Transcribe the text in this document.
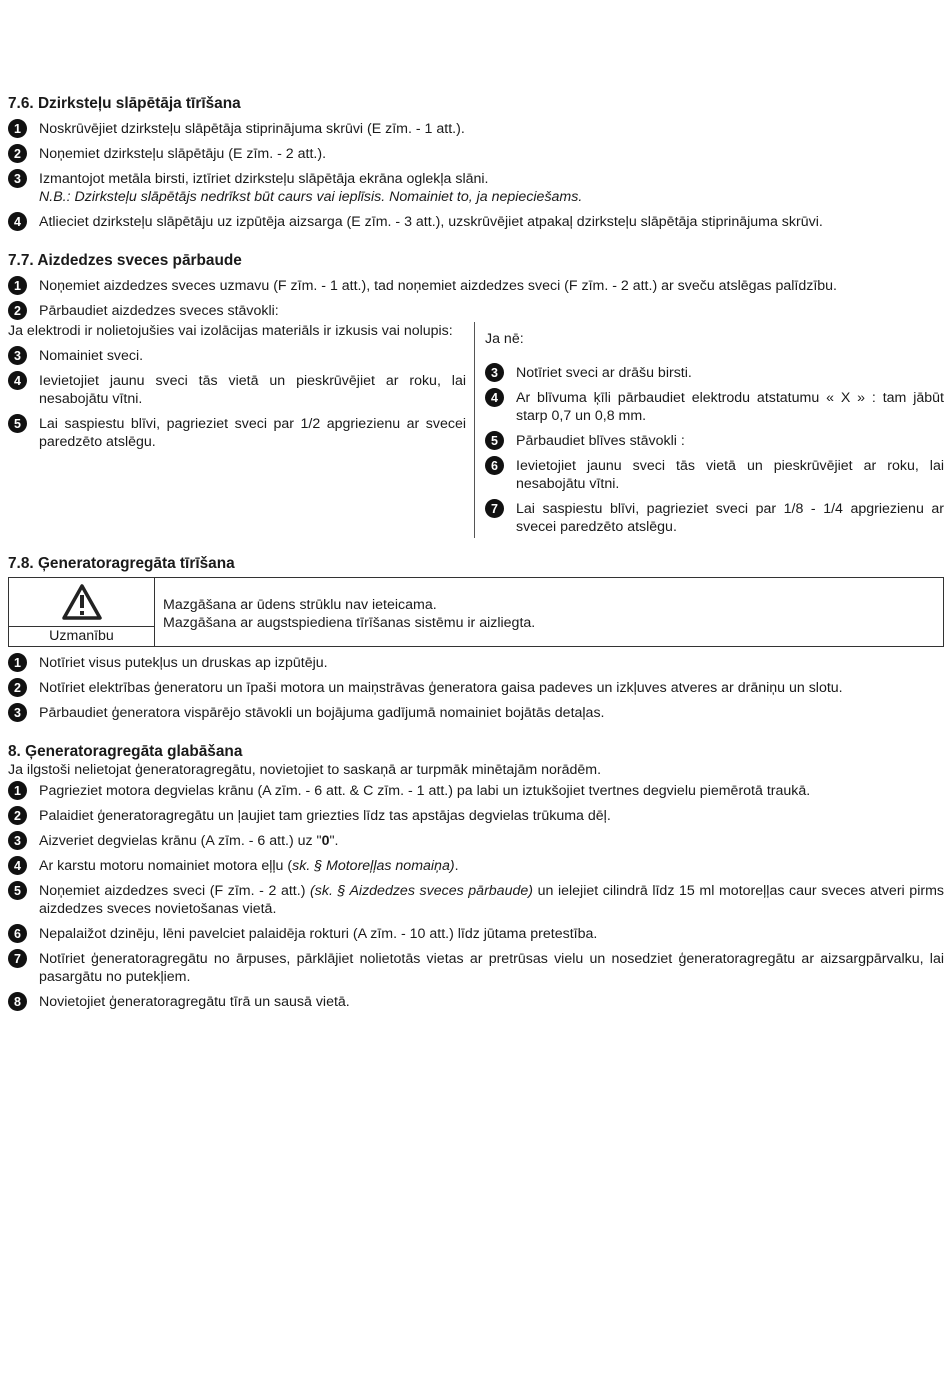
7.6. Dzirksteļu slāpētāja tīrīšana
1	Noskrūvējiet dzirksteļu slāpētāja stiprinājuma skrūvi (E zīm. - 1 att.).
2	Noņemiet dzirksteļu slāpētāju (E zīm. - 2 att.).
3	Izmantojot metāla birsti, iztīriet dzirksteļu slāpētāja ekrāna oglekļa slāni.
N.B.: Dzirksteļu slāpētājs nedrīkst būt caurs vai ieplīsis. Nomainiet to, ja nepieciešams.
4	Atlieciet dzirksteļu slāpētāju uz izpūtēja aizsarga (E zīm. - 3 att.), uzskrūvējiet atpakaļ dzirksteļu slāpētāja stiprinājuma skrūvi.
7.7. Aizdedzes sveces pārbaude
1	Noņemiet aizdedzes sveces uzmavu (F zīm. - 1 att.), tad noņemiet aizdedzes sveci (F zīm. - 2 att.) ar sveču atslēgas palīdzību.
2	Pārbaudiet aizdedzes sveces stāvokli:
Ja elektrodi ir nolietojušies vai izolācijas materiāls ir izkusis vai nolupis:
3	Nomainiet sveci.
4	Ievietojiet jaunu sveci tās vietā un pieskrūvējiet ar roku, lai nesabojātu vītni.
5	Lai saspiestu blīvi, pagrieziet sveci par 1/2 apgriezienu ar svecei paredzēto atslēgu.
Ja nē:
3	Notīriet sveci ar drāšu birsti.
4	Ar blīvuma ķīli pārbaudiet elektrodu atstatumu « X » : tam jābūt starp 0,7 un 0,8 mm.
5	Pārbaudiet blīves stāvokli :
6	Ievietojiet jaunu sveci tās vietā un pieskrūvējiet ar roku, lai nesabojātu vītni.
7	Lai saspiestu blīvi, pagrieziet sveci par 1/8 - 1/4 apgriezienu ar svecei paredzēto atslēgu.
7.8. Ģeneratoragregāta tīrīšana
Uzmanību
Mazgāšana ar ūdens strūklu nav ieteicama.
Mazgāšana ar augstspiediena tīrīšanas sistēmu ir aizliegta.
1	Notīriet visus putekļus un druskas ap izpūtēju.
2	Notīriet elektrības ģeneratoru un īpaši motora un maiņstrāvas ģeneratora gaisa padeves un izkļuves atveres ar drāniņu un slotu.
3	Pārbaudiet ģeneratora vispārējo stāvokli un bojājuma gadījumā nomainiet bojātās detaļas.
8. Ģeneratoragregāta glabāšana
Ja ilgstoši nelietojat ģeneratoragregātu, novietojiet to saskaņā ar turpmāk minētajām norādēm.
1	Pagrieziet motora degvielas krānu (A zīm. - 6 att. & C zīm. - 1 att.) pa labi un iztukšojiet tvertnes degvielu piemērotā traukā.
2	Palaidiet ģeneratoragregātu un ļaujiet tam griezties līdz tas apstājas degvielas trūkuma dēļ.
3	Aizveriet degvielas krānu (A zīm. - 6 att.) uz "0".
4	Ar karstu motoru nomainiet motora eļļu (sk. § Motoreļļas nomaiņa).
5	Noņemiet aizdedzes sveci (F zīm. - 2 att.) (sk. § Aizdedzes sveces pārbaude) un ielejiet cilindrā līdz 15 ml motoreļļas caur sveces atveri pirms aizdedzes sveces novietošanas vietā.
6	Nepalaižot dzinēju, lēni pavelciet palaidēja rokturi (A zīm. - 10 att.) līdz jūtama pretestība.
7	Notīriet ģeneratoragregātu no ārpuses, pārklājiet nolietotās vietas ar pretrūsas vielu un nosedziet ģeneratoragregātu ar aizsargpārvalku, lai pasargātu no putekļiem.
8	Novietojiet ģeneratoragregātu tīrā un sausā vietā.
